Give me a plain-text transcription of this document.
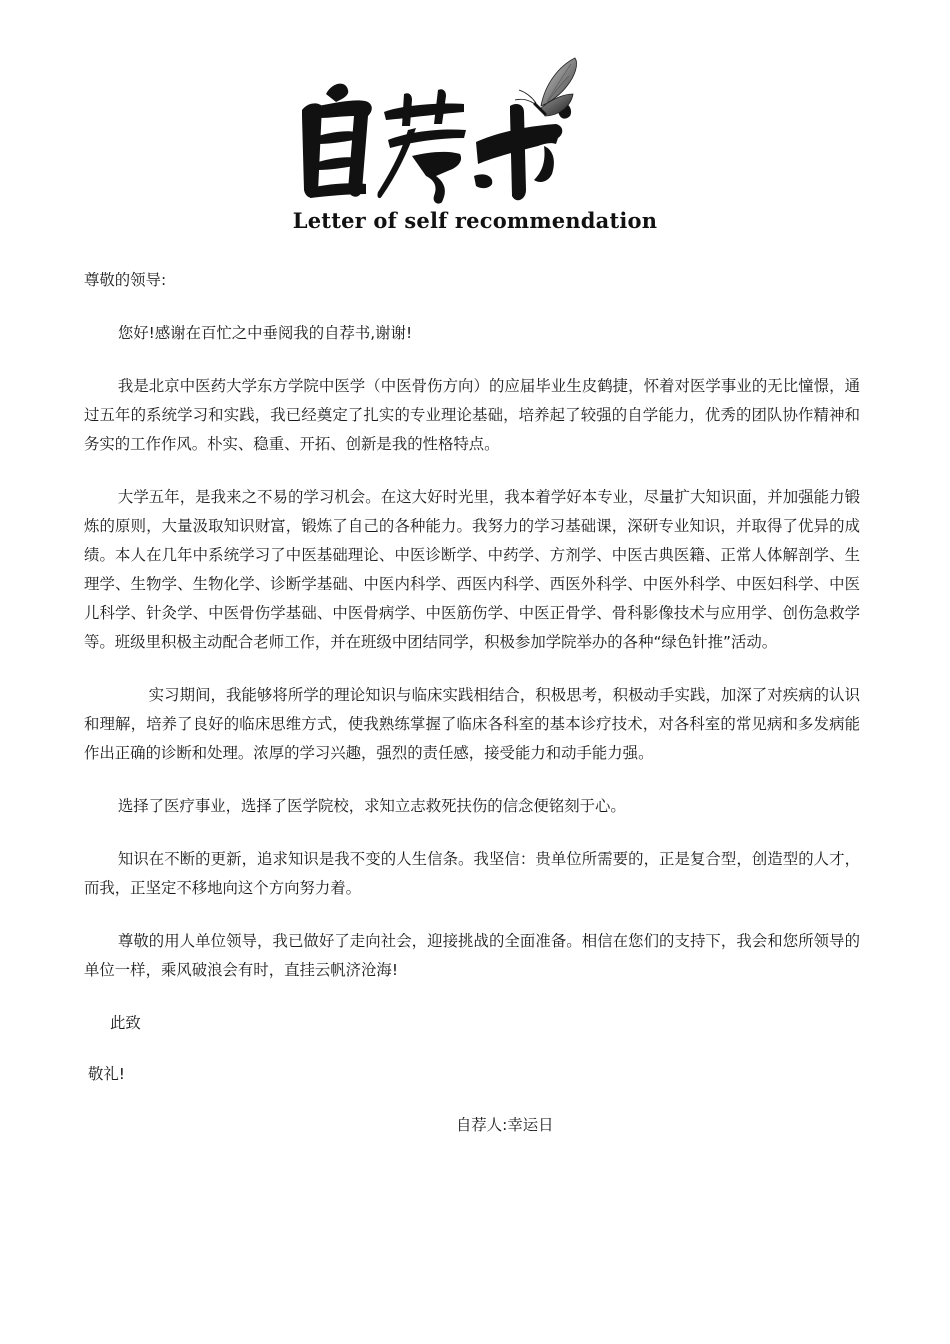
Letter of self recommendation

尊敬的领导:

您好!感谢在百忙之中垂阅我的自荐书,谢谢!

我是北京中医药大学东方学院中医学（中医骨伤方向）的应届毕业生皮鹤捷，怀着对医学事业的无比憧憬，通过五年的系统学习和实践，我已经奠定了扎实的专业理论基础，培养起了较强的自学能力，优秀的团队协作精神和务实的工作作风。朴实、稳重、开拓、创新是我的性格特点。

大学五年，是我来之不易的学习机会。在这大好时光里，我本着学好本专业，尽量扩大知识面，并加强能力锻炼的原则，大量汲取知识财富，锻炼了自己的各种能力。我努力的学习基础课，深研专业知识，并取得了优异的成绩。本人在几年中系统学习了中医基础理论、中医诊断学、中药学、方剂学、中医古典医籍、正常人体解剖学、生理学、生物学、生物化学、诊断学基础、中医内科学、西医内科学、西医外科学、中医外科学、中医妇科学、中医儿科学、针灸学、中医骨伤学基础、中医骨病学、中医筋伤学、中医正骨学、骨科影像技术与应用学、创伤急救学等。班级里积极主动配合老师工作，并在班级中团结同学，积极参加学院举办的各种“绿色针推”活动。

实习期间，我能够将所学的理论知识与临床实践相结合，积极思考，积极动手实践，加深了对疾病的认识和理解，培养了良好的临床思维方式，使我熟练掌握了临床各科室的基本诊疗技术，对各科室的常见病和多发病能作出正确的诊断和处理。浓厚的学习兴趣，强烈的责任感，接受能力和动手能力强。

选择了医疗事业，选择了医学院校，求知立志救死扶伤的信念便铭刻于心。

知识在不断的更新，追求知识是我不变的人生信条。我坚信：贵单位所需要的，正是复合型，创造型的人才，而我，正坚定不移地向这个方向努力着。

尊敬的用人单位领导，我已做好了走向社会，迎接挑战的全面准备。相信在您们的支持下，我会和您所领导的单位一样，乘风破浪会有时，直挂云帆济沧海!

此致

敬礼!

自荐人:幸运日
